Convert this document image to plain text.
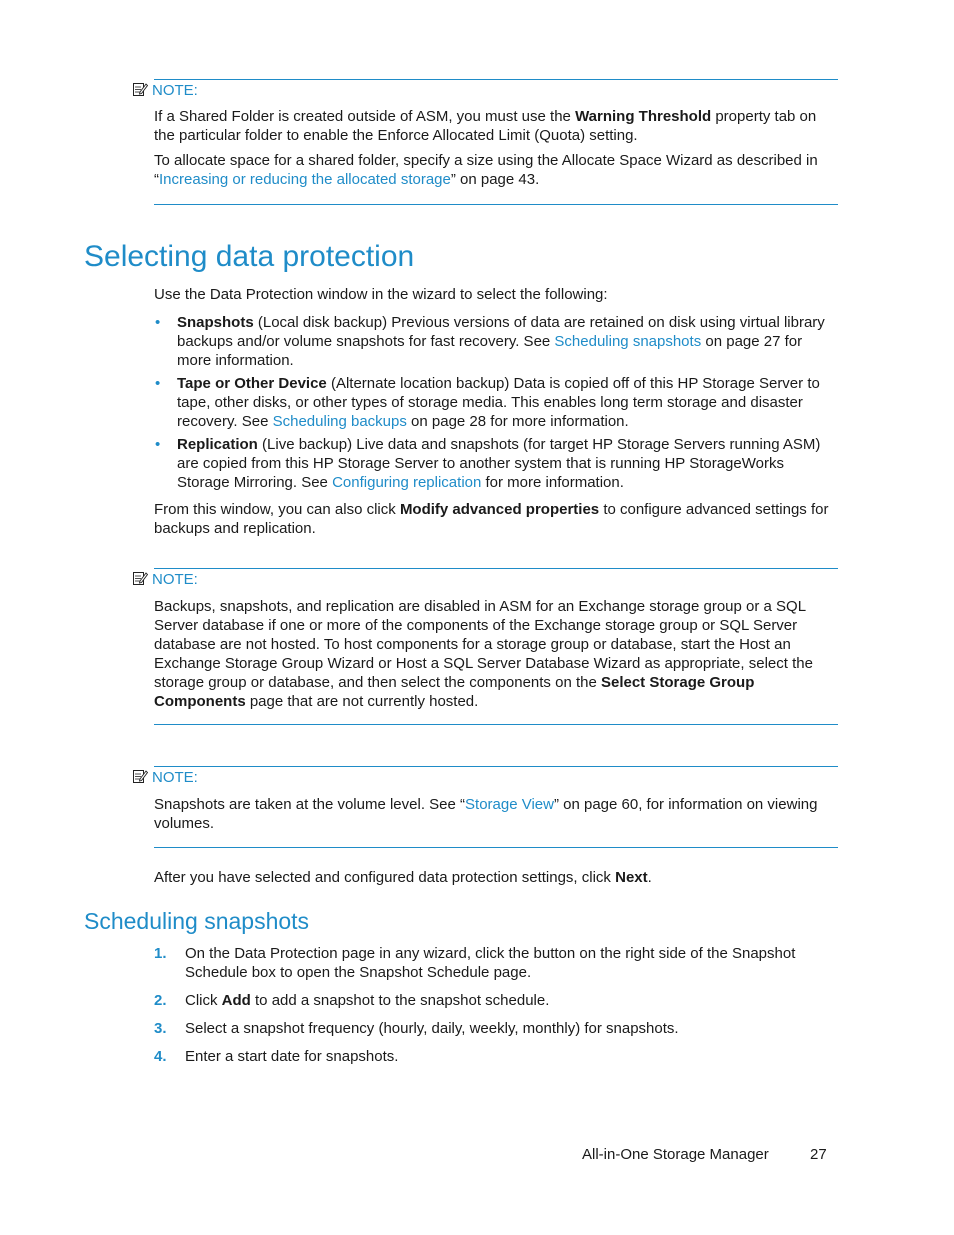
NOTE:

If a Shared Folder is created outside of ASM, you must use the Warning Threshold property tab on the particular folder to enable the Enforce Allocated Limit (Quota) setting.

To allocate space for a shared folder, specify a size using the Allocate Space Wizard as described in “Increasing or reducing the allocated storage” on page 43.

Selecting data protection

Use the Data Protection window in the wizard to select the following:

• Snapshots (Local disk backup) Previous versions of data are retained on disk using virtual library backups and/or volume snapshots for fast recovery. See Scheduling snapshots on page 27 for more information.
• Tape or Other Device (Alternate location backup) Data is copied off of this HP Storage Server to tape, other disks, or other types of storage media. This enables long term storage and disaster recovery. See Scheduling backups on page 28 for more information.
• Replication (Live backup) Live data and snapshots (for target HP Storage Servers running ASM) are copied from this HP Storage Server to another system that is running HP StorageWorks Storage Mirroring. See Configuring replication for more information.

From this window, you can also click Modify advanced properties to configure advanced settings for backups and replication.

NOTE:

Backups, snapshots, and replication are disabled in ASM for an Exchange storage group or a SQL Server database if one or more of the components of the Exchange storage group or SQL Server database are not hosted. To host components for a storage group or database, start the Host an Exchange Storage Group Wizard or Host a SQL Server Database Wizard as appropriate, select the storage group or database, and then select the components on the Select Storage Group Components page that are not currently hosted.

NOTE:

Snapshots are taken at the volume level. See “Storage View” on page 60, for information on viewing volumes.

After you have selected and configured data protection settings, click Next.

Scheduling snapshots
1. On the Data Protection page in any wizard, click the button on the right side of the Snapshot Schedule box to open the Snapshot Schedule page.
2. Click Add to add a snapshot to the snapshot schedule.
3. Select a snapshot frequency (hourly, daily, weekly, monthly) for snapshots.
4. Enter a start date for snapshots.
All-in-One Storage Manager	27
